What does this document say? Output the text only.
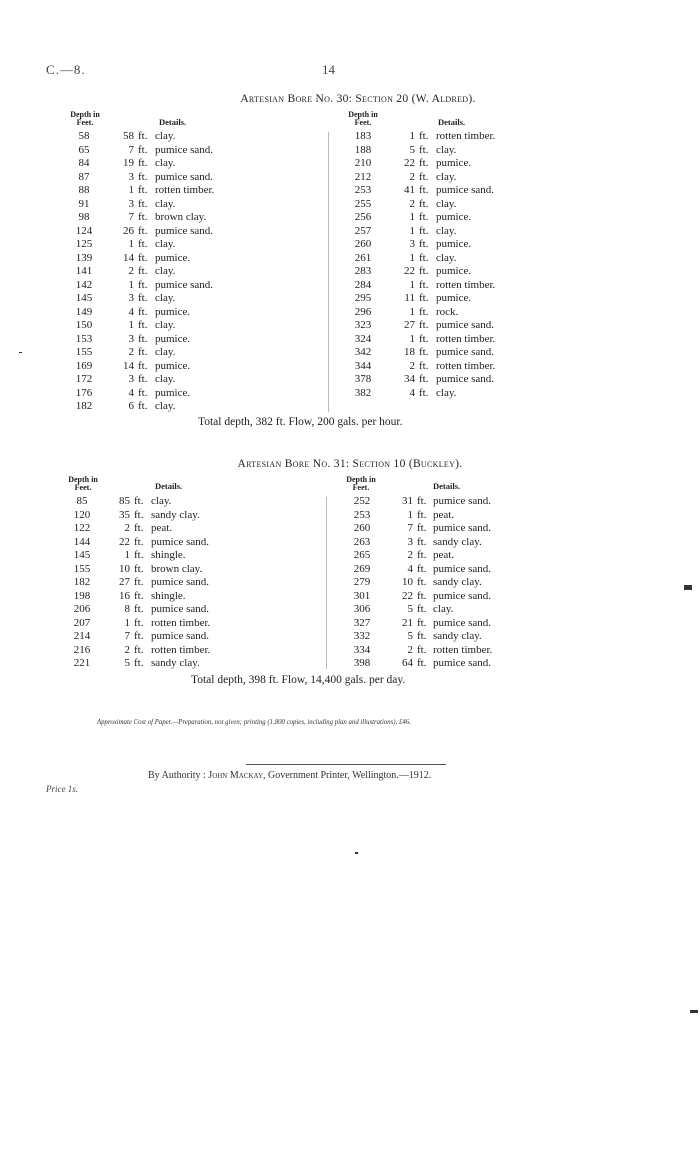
C.—8.	14
Artesian Bore No. 30: Section 20 (W. Aldred).
Depth in Feet.	Details.
Depth in Feet.	Details.
58	58 ft. clay.
65	7 ft. pumice sand.
84	19 ft. clay.
87	3 ft. pumice sand.
88	1 ft. rotten timber.
91	3 ft. clay.
98	7 ft. brown clay.
124	26 ft. pumice sand.
125	1 ft. clay.
139	14 ft. pumice.
141	2 ft. clay.
142	1 ft. pumice sand.
145	3 ft. clay.
149	4 ft. pumice.
150	1 ft. clay.
153	3 ft. pumice.
155	2 ft. clay.
169	14 ft. pumice.
172	3 ft. clay.
176	4 ft. pumice.
182	6 ft. clay.
183	1 ft. rotten timber.
188	5 ft. clay.
210	22 ft. pumice.
212	2 ft. clay.
253	41 ft. pumice sand.
255	2 ft. clay.
256	1 ft. pumice.
257	1 ft. clay.
260	3 ft. pumice.
261	1 ft. clay.
283	22 ft. pumice.
284	1 ft. rotten timber.
295	11 ft. pumice.
296	1 ft. rock.
323	27 ft. pumice sand.
324	1 ft. rotten timber.
342	18 ft. pumice sand.
344	2 ft. rotten timber.
378	34 ft. pumice sand.
382	4 ft. clay.
Total depth, 382 ft. Flow, 200 gals. per hour.
Artesian Bore No. 31: Section 10 (Buckley).
Depth in Feet.	Details.
Depth in Feet.	Details.
85	85 ft. clay.
120	35 ft. sandy clay.
122	2 ft. peat.
144	22 ft. pumice sand.
145	1 ft. shingle.
155	10 ft. brown clay.
182	27 ft. pumice sand.
198	16 ft. shingle.
206	8 ft. pumice sand.
207	1 ft. rotten timber.
214	7 ft. pumice sand.
216	2 ft. rotten timber.
221	5 ft. sandy clay.
252	31 ft. pumice sand.
253	1 ft. peat.
260	7 ft. pumice sand.
263	3 ft. sandy clay.
265	2 ft. peat.
269	4 ft. pumice sand.
279	10 ft. sandy clay.
301	22 ft. pumice sand.
306	5 ft. clay.
327	21 ft. pumice sand.
332	5 ft. sandy clay.
334	2 ft. rotten timber.
398	64 ft. pumice sand.
Total depth, 398 ft. Flow, 14,400 gals. per day.
Approximate Cost of Paper.—Preparation, not given; printing (1,800 copies, including plan and illustrations), £46.
By Authority : John Mackay, Government Printer, Wellington.—1912.
Price 1s.
